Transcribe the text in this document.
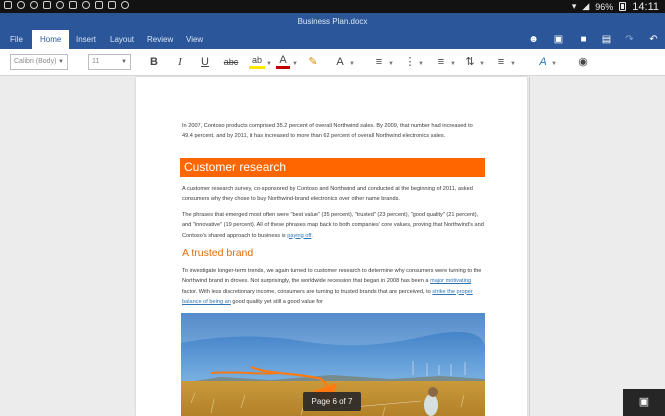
▾ ◢ 96% 14:11
Business Plan.docx
File	Home	Insert Layout Review View	☻ ▣ ■ ▤ ↷ ↶
Calibri (Body) ▼	11	▼ B	I	U	abc	ab ▼ A ▼ ✎	A ▼	≡ ▼ ⋮ ▼	≡ ▼ ⇅ ▼	≡ ▼	A ▼ ◉
In 2007, Contoso products comprised 35.2 percent of overall Northwind sales. By 2009, that number had increased to 49.4 percent, and by 2011, it has increased to more than 62 percent of overall Northwind electronics sales.
Customer research
A customer research survey, co-sponsored by Contoso and Northwind and conducted at the beginning of 2011, asked consumers why they chose to buy Northwind-brand electronics over other name brands.
The phrases that emerged most often were "best value" (35 percent), "trusted" (23 percent), "good quality" (21 percent), and "innovative" (19 percent). All of these phrases map back to both companies' core values, proving that Northwind's and Contoso's shared approach to business is paying off.
A trusted brand
To investigate longer-term trends, we again turned to customer research to determine why consumers were turning to the Northwind brand in droves. Not surprisingly, the worldwide recession that began in 2008 has been a major motivating factor. With less discretionary income, consumers are turning to trusted brands that are perceived, to strike the proper balance of being an good quality yet still a good value for
Page 6 of 7	▣
